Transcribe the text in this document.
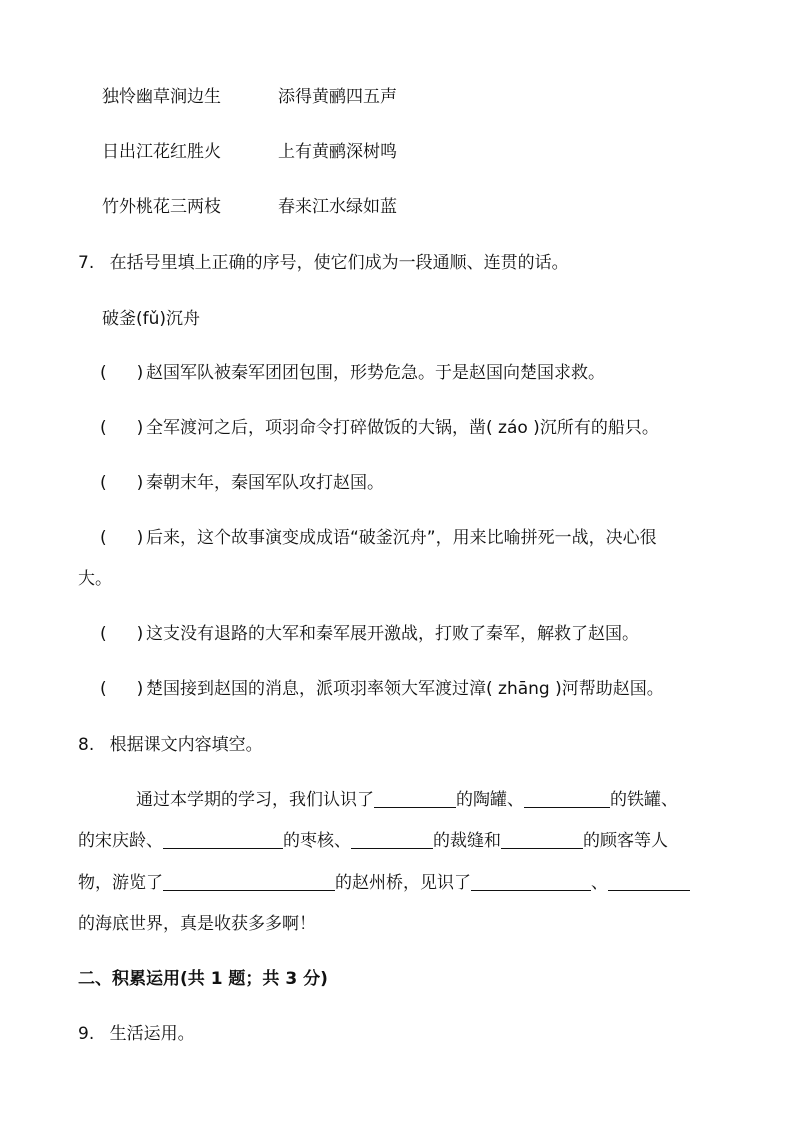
独怜幽草涧边生	添得黄鹂四五声
日出江花红胜火	上有黄鹂深树鸣
竹外桃花三两枝	春来江水绿如蓝
7. 在括号里填上正确的序号，使它们成为一段通顺、连贯的话。
破釜(fǔ)沉舟
( ) 赵国军队被秦军团团包围，形势危急。于是赵国向楚国求救。
( ) 全军渡河之后，项羽命令打碎做饭的大锅，凿( záo )沉所有的船只。
( ) 秦朝末年，秦国军队攻打赵国。
( ) 后来，这个故事演变成成语“破釜沉舟”，用来比喻拼死一战，决心很
大。
( ) 这支没有退路的大军和秦军展开激战，打败了秦军，解救了赵国。
( ) 楚国接到赵国的消息，派项羽率领大军渡过漳( zhāng )河帮助赵国。
8. 根据课文内容填空。
通过本学期的学习，我们认识了	的陶罐、	的铁罐、
的宋庆龄、	的枣核、	的裁缝和	的顾客等人
物，游览了	的赵州桥，见识了	、
的海底世界，真是收获多多啊！
二、积累运用(共 1 题；共 3 分)
9. 生活运用。
